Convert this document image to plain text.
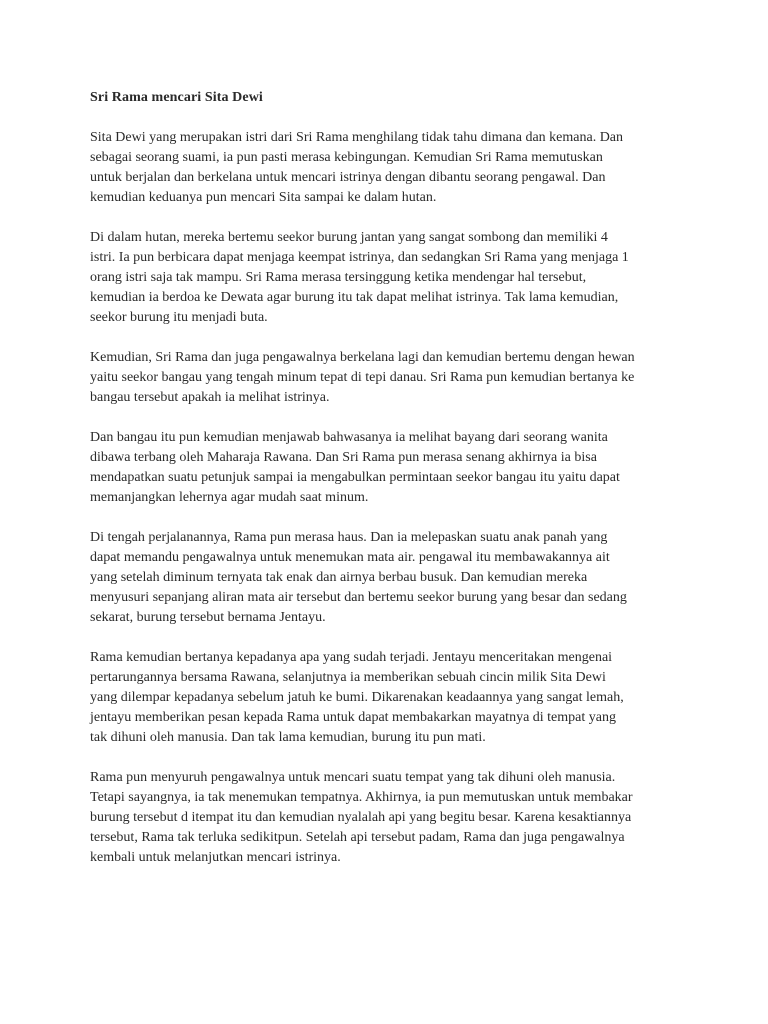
Sri Rama mencari Sita Dewi
Sita Dewi yang merupakan istri dari Sri Rama menghilang tidak tahu dimana dan kemana. Dan
sebagai seorang suami, ia pun pasti merasa kebingungan. Kemudian Sri Rama memutuskan
untuk berjalan dan berkelana untuk mencari istrinya dengan dibantu seorang pengawal. Dan
kemudian keduanya pun mencari Sita sampai ke dalam hutan.
Di dalam hutan, mereka bertemu seekor burung jantan yang sangat sombong dan memiliki 4
istri. Ia pun berbicara dapat menjaga keempat istrinya, dan sedangkan Sri Rama yang menjaga 1
orang istri saja tak mampu. Sri Rama merasa tersinggung ketika mendengar hal tersebut,
kemudian ia berdoa ke Dewata agar burung itu tak dapat melihat istrinya. Tak lama kemudian,
seekor burung itu menjadi buta.
Kemudian, Sri Rama dan juga pengawalnya berkelana lagi dan kemudian bertemu dengan hewan
yaitu seekor bangau yang tengah minum tepat di tepi danau. Sri Rama pun kemudian bertanya ke
bangau tersebut apakah ia melihat istrinya.
Dan bangau itu pun kemudian menjawab bahwasanya ia melihat bayang dari seorang wanita
dibawa terbang oleh Maharaja Rawana. Dan Sri Rama pun merasa senang akhirnya ia bisa
mendapatkan suatu petunjuk sampai ia mengabulkan permintaan seekor bangau itu yaitu dapat
memanjangkan lehernya agar mudah saat minum.
Di tengah perjalanannya, Rama pun merasa haus. Dan ia melepaskan suatu anak panah yang
dapat memandu pengawalnya untuk menemukan mata air. pengawal itu membawakannya ait
yang setelah diminum ternyata tak enak dan airnya berbau busuk. Dan kemudian mereka
menyusuri sepanjang aliran mata air tersebut dan bertemu seekor burung yang besar dan sedang
sekarat, burung tersebut bernama Jentayu.
Rama kemudian bertanya kepadanya apa yang sudah terjadi. Jentayu menceritakan mengenai
pertarungannya bersama Rawana, selanjutnya ia memberikan sebuah cincin milik Sita Dewi
yang dilempar kepadanya sebelum jatuh ke bumi. Dikarenakan keadaannya yang sangat lemah,
jentayu memberikan pesan kepada Rama untuk dapat membakarkan mayatnya di tempat yang
tak dihuni oleh manusia. Dan tak lama kemudian, burung itu pun mati.
Rama pun menyuruh pengawalnya untuk mencari suatu tempat yang tak dihuni oleh manusia.
Tetapi sayangnya, ia tak menemukan tempatnya. Akhirnya, ia pun memutuskan untuk membakar
burung tersebut d itempat itu dan kemudian nyalalah api yang begitu besar. Karena kesaktiannya
tersebut, Rama tak terluka sedikitpun. Setelah api tersebut padam, Rama dan juga pengawalnya
kembali untuk melanjutkan mencari istrinya.
